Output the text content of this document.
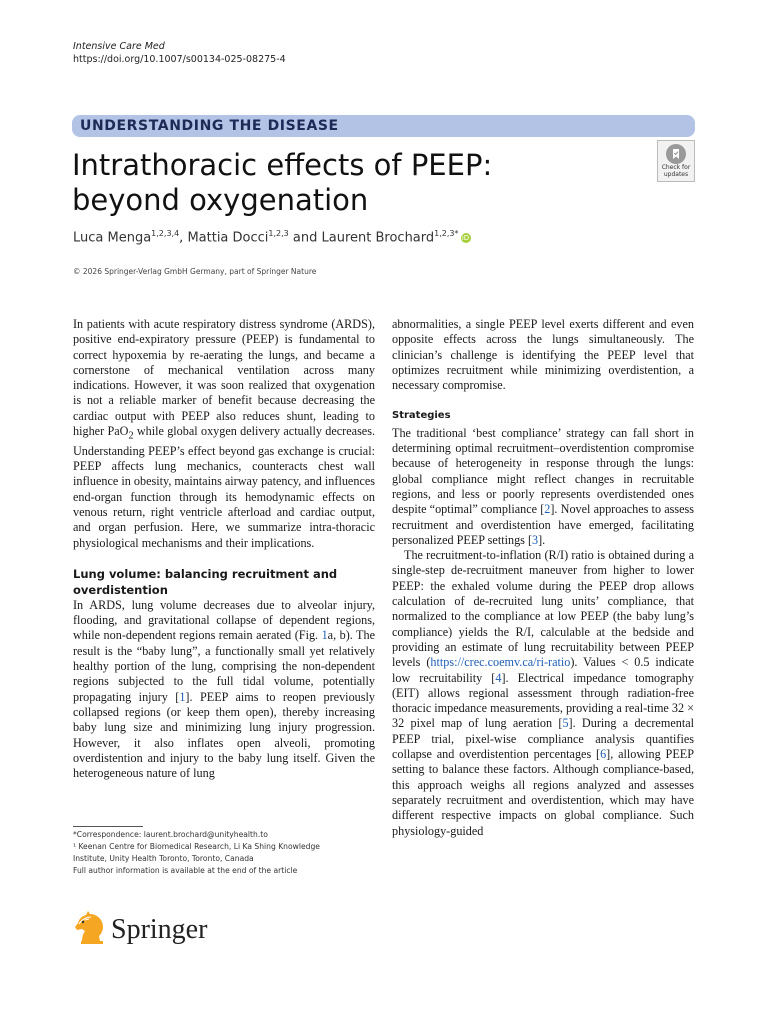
Intensive Care Med
https://doi.org/10.1007/s00134-025-08275-4
UNDERSTANDING THE DISEASE
Intrathoracic effects of PEEP:
beyond oxygenation
Check for
updates
Luca Menga$^{1,2,3,4}$, Mattia Docci$^{1,2,3}$ and Laurent Brochard$^{1,2,3*}$ iD
© 2026 Springer-Verlag GmbH Germany, part of Springer Nature

In patients with acute respiratory distress syndrome (ARDS), positive end-expiratory pressure (PEEP) is fundamental to correct hypoxemia by re-aerating the lungs, and became a cornerstone of mechanical ventilation across many indications. However, it was soon realized that oxygenation is not a reliable marker of benefit because decreasing the cardiac output with PEEP also reduces shunt, leading to higher PaO$_2$ while global oxygen delivery actually decreases. Understanding PEEP’s effect beyond gas exchange is crucial: PEEP affects lung mechanics, counteracts chest wall influence in obesity, maintains airway patency, and influences end-organ function through its hemodynamic effects on venous return, right ventricle afterload and cardiac output, and organ perfusion. Here, we summarize intra-thoracic physiological mechanisms and their implications.

Lung volume: balancing recruitment and overdistention

In ARDS, lung volume decreases due to alveolar injury, flooding, and gravitational collapse of dependent regions, while non-dependent regions remain aerated (Fig. 1a, b). The result is the “baby lung”, a functionally small yet relatively healthy portion of the lung, comprising the non-dependent regions subjected to the full tidal volume, potentially propagating injury [1]. PEEP aims to reopen previously collapsed regions (or keep them open), thereby increasing baby lung size and minimizing lung injury progression. However, it also inflates open alveoli, promoting overdistention and injury to the baby lung itself. Given the heterogeneous nature of lung

abnormalities, a single PEEP level exerts different and even opposite effects across the lungs simultaneously. The clinician’s challenge is identifying the PEEP level that optimizes recruitment while minimizing overdistention, a necessary compromise.

Strategies

The traditional ‘best compliance’ strategy can fall short in determining optimal recruitment–overdistention compromise because of heterogeneity in response through the lungs: global compliance might reflect changes in recruitable regions, and less or poorly represents overdistended ones despite “optimal” compliance [2]. Novel approaches to assess recruitment and overdistention have emerged, facilitating personalized PEEP settings [3].

The recruitment-to-inflation (R/I) ratio is obtained during a single-step de-recruitment maneuver from higher to lower PEEP: the exhaled volume during the PEEP drop allows calculation of de-recruited lung units’ compliance, that normalized to the compliance at low PEEP (the baby lung’s compliance) yields the R/I, calculable at the bedside and providing an estimate of lung recruitability between PEEP levels (https://crec.coemv.ca/ri-ratio). Values < 0.5 indicate low recruitability [4]. Electrical impedance tomography (EIT) allows regional assessment through radiation-free thoracic impedance measurements, providing a real-time 32 × 32 pixel map of lung aeration [5]. During a decremental PEEP trial, pixel-wise compliance analysis quantifies collapse and overdistention percentages [6], allowing PEEP setting to balance these factors. Although compliance-based, this approach weighs all regions analyzed and assesses separately recruitment and overdistention, which may have different respective impacts on global compliance. Such physiology-guided

*Correspondence: laurent.brochard@unityhealth.to
¹ Keenan Centre for Biomedical Research, Li Ka Shing Knowledge
Institute, Unity Health Toronto, Toronto, Canada
Full author information is available at the end of the article
Springer
